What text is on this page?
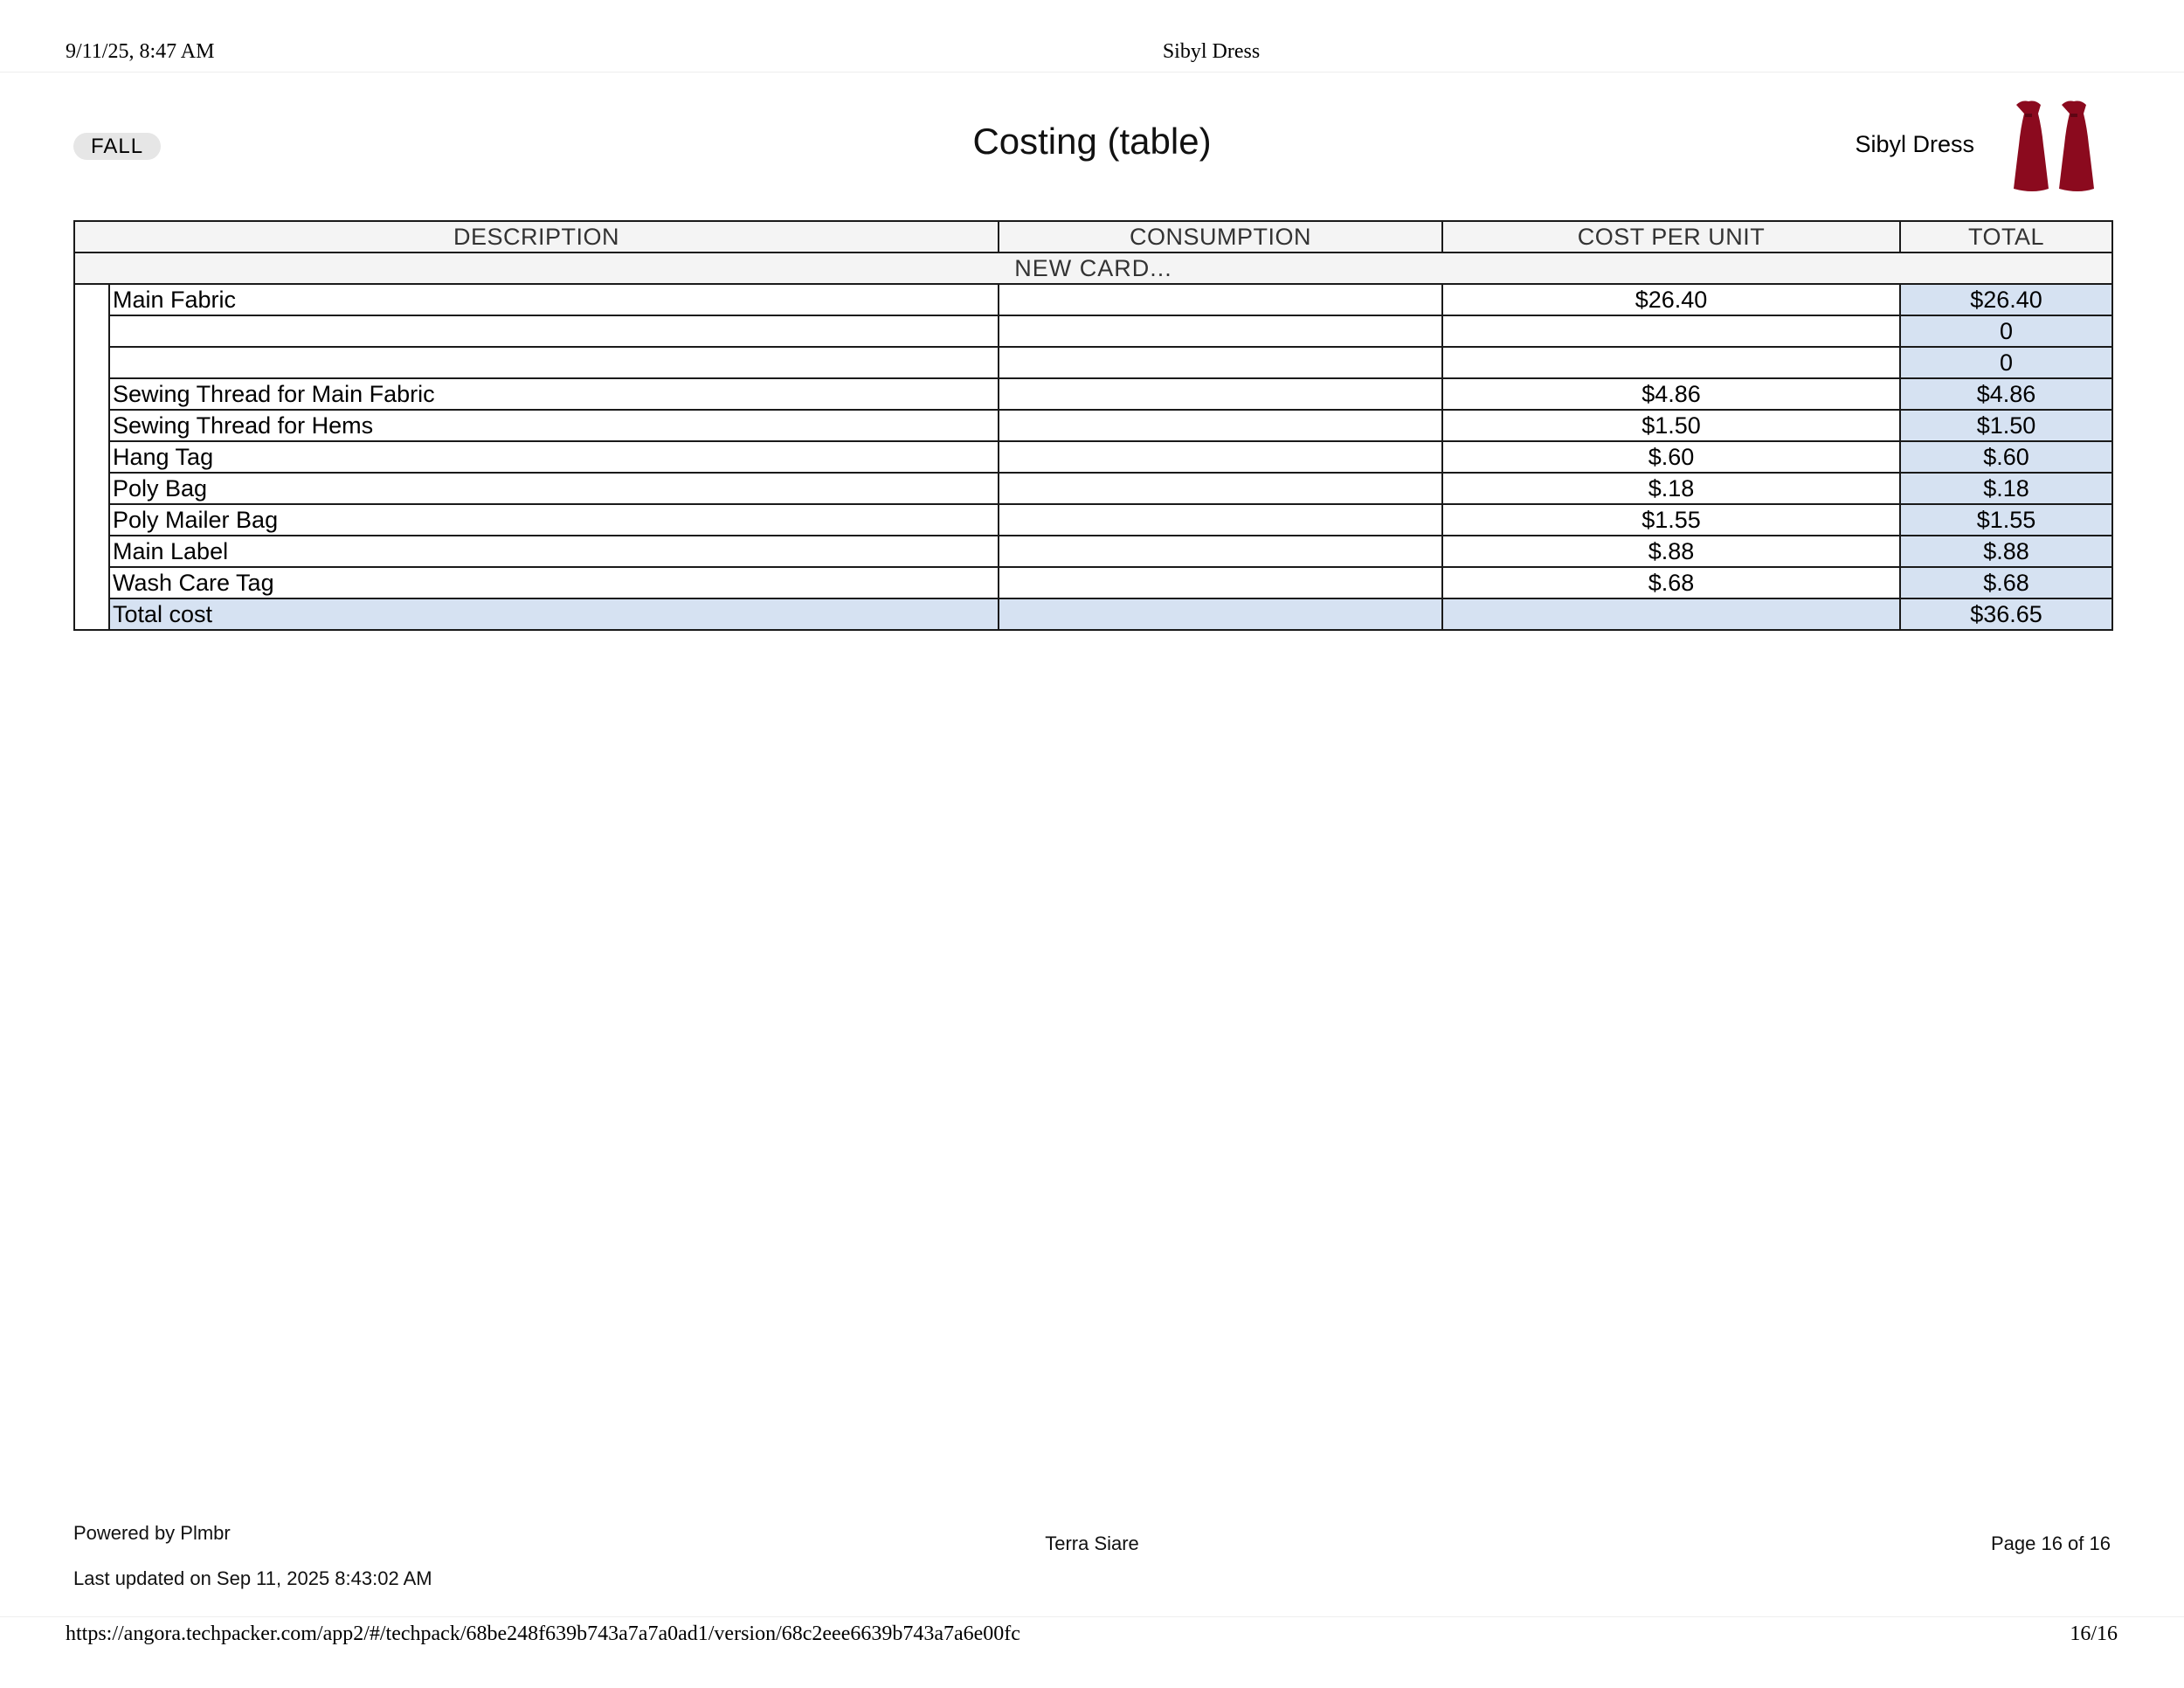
9/11/25, 8:47 AM	Sibyl Dress
FALL	Costing (table)	Sibyl Dress
DESCRIPTION		CONSUMPTION	COST PER UNIT	TOTAL
NEW CARD...				
	Main Fabric		$26.40	$26.40
				0
				0
	Sewing Thread for Main Fabric		$4.86	$4.86
	Sewing Thread for Hems		$1.50	$1.50
	Hang Tag		$.60	$.60
	Poly Bag		$.18	$.18
	Poly Mailer Bag		$1.55	$1.55
	Main Label		$.88	$.88
	Wash Care Tag		$.68	$.68
	Total cost			$36.65
Powered by Plmbr
Last updated on Sep 11, 2025 8:43:02 AM
Terra Siare	Page 16 of 16
https://angora.techpacker.com/app2/#/techpack/68be248f639b743a7a7a0ad1/version/68c2eee6639b743a7a6e00fc	16/16
